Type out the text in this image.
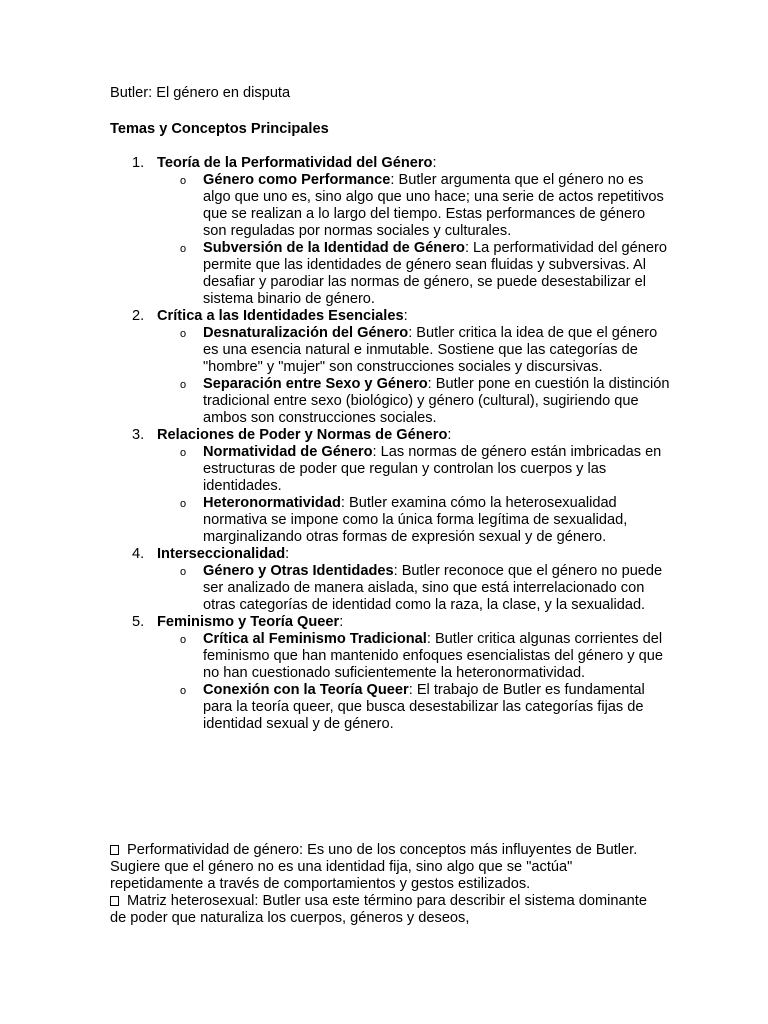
Butler: El género en disputa
Temas y Conceptos Principales
1. Teoría de la Performatividad del Género:
o Género como Performance: Butler argumenta que el género no es algo que uno es, sino algo que uno hace; una serie de actos repetitivos que se realizan a lo largo del tiempo. Estas performances de género son reguladas por normas sociales y culturales.
o Subversión de la Identidad de Género: La performatividad del género permite que las identidades de género sean fluidas y subversivas. Al desafiar y parodiar las normas de género, se puede desestabilizar el sistema binario de género.
2. Crítica a las Identidades Esenciales:
o Desnaturalización del Género: Butler critica la idea de que el género es una esencia natural e inmutable. Sostiene que las categorías de "hombre" y "mujer" son construcciones sociales y discursivas.
o Separación entre Sexo y Género: Butler pone en cuestión la distinción tradicional entre sexo (biológico) y género (cultural), sugiriendo que ambos son construcciones sociales.
3. Relaciones de Poder y Normas de Género:
o Normatividad de Género: Las normas de género están imbricadas en estructuras de poder que regulan y controlan los cuerpos y las identidades.
o Heteronormatividad: Butler examina cómo la heterosexualidad normativa se impone como la única forma legítima de sexualidad, marginalizando otras formas de expresión sexual y de género.
4. Interseccionalidad:
o Género y Otras Identidades: Butler reconoce que el género no puede ser analizado de manera aislada, sino que está interrelacionado con otras categorías de identidad como la raza, la clase, y la sexualidad.
5. Feminismo y Teoría Queer:
o Crítica al Feminismo Tradicional: Butler critica algunas corrientes del feminismo que han mantenido enfoques esencialistas del género y que no han cuestionado suficientemente la heteronormatividad.
o Conexión con la Teoría Queer: El trabajo de Butler es fundamental para la teoría queer, que busca desestabilizar las categorías fijas de identidad sexual y de género.
Performatividad de género: Es uno de los conceptos más influyentes de Butler. Sugiere que el género no es una identidad fija, sino algo que se "actúa" repetidamente a través de comportamientos y gestos estilizados.
Matriz heterosexual: Butler usa este término para describir el sistema dominante de poder que naturaliza los cuerpos, géneros y deseos,
